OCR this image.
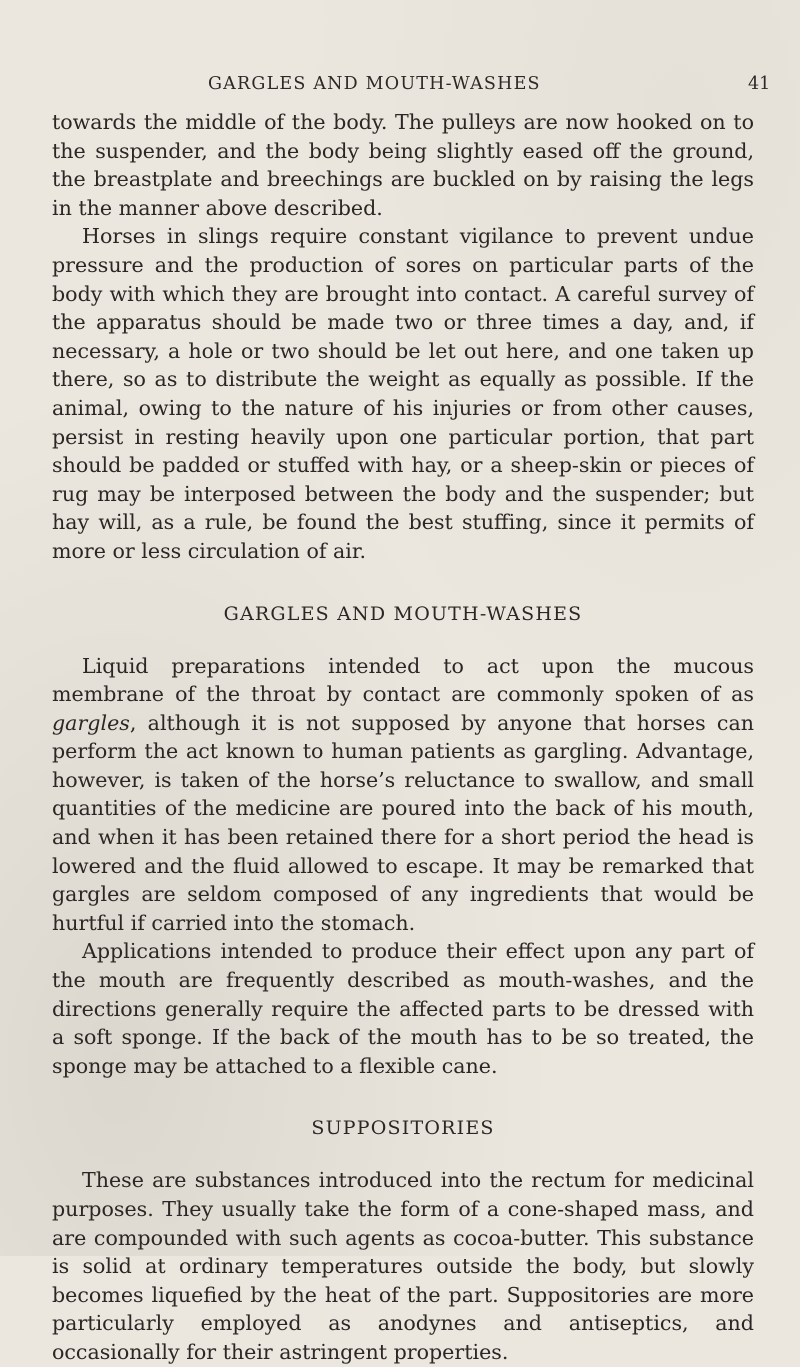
GARGLES AND MOUTH-WASHES	41

towards the middle of the body. The pulleys are now hooked on to the suspender, and the body being slightly eased off the ground, the breastplate and breechings are buckled on by raising the legs in the manner above described.

Horses in slings require constant vigilance to prevent undue pressure and the production of sores on particular parts of the body with which they are brought into contact. A careful survey of the apparatus should be made two or three times a day, and, if necessary, a hole or two should be let out here, and one taken up there, so as to distribute the weight as equally as possible. If the animal, owing to the nature of his injuries or from other causes, persist in resting heavily upon one particular portion, that part should be padded or stuffed with hay, or a sheep-skin or pieces of rug may be interposed between the body and the suspender; but hay will, as a rule, be found the best stuffing, since it permits of more or less circulation of air.

GARGLES AND MOUTH-WASHES

Liquid preparations intended to act upon the mucous membrane of the throat by contact are commonly spoken of as gargles, although it is not supposed by anyone that horses can perform the act known to human patients as gargling. Advantage, however, is taken of the horse’s reluctance to swallow, and small quantities of the medicine are poured into the back of his mouth, and when it has been retained there for a short period the head is lowered and the fluid allowed to escape. It may be remarked that gargles are seldom composed of any ingredients that would be hurtful if carried into the stomach.

Applications intended to produce their effect upon any part of the mouth are frequently described as mouth-washes, and the directions generally require the affected parts to be dressed with a soft sponge. If the back of the mouth has to be so treated, the sponge may be attached to a flexible cane.

SUPPOSITORIES

These are substances introduced into the rectum for medicinal purposes. They usually take the form of a cone-shaped mass, and are compounded with such agents as cocoa-butter. This substance is solid at ordinary temperatures outside the body, but slowly becomes liquefied by the heat of the part. Suppositories are more particularly employed as anodynes and antiseptics, and occasionally for their astringent properties.
